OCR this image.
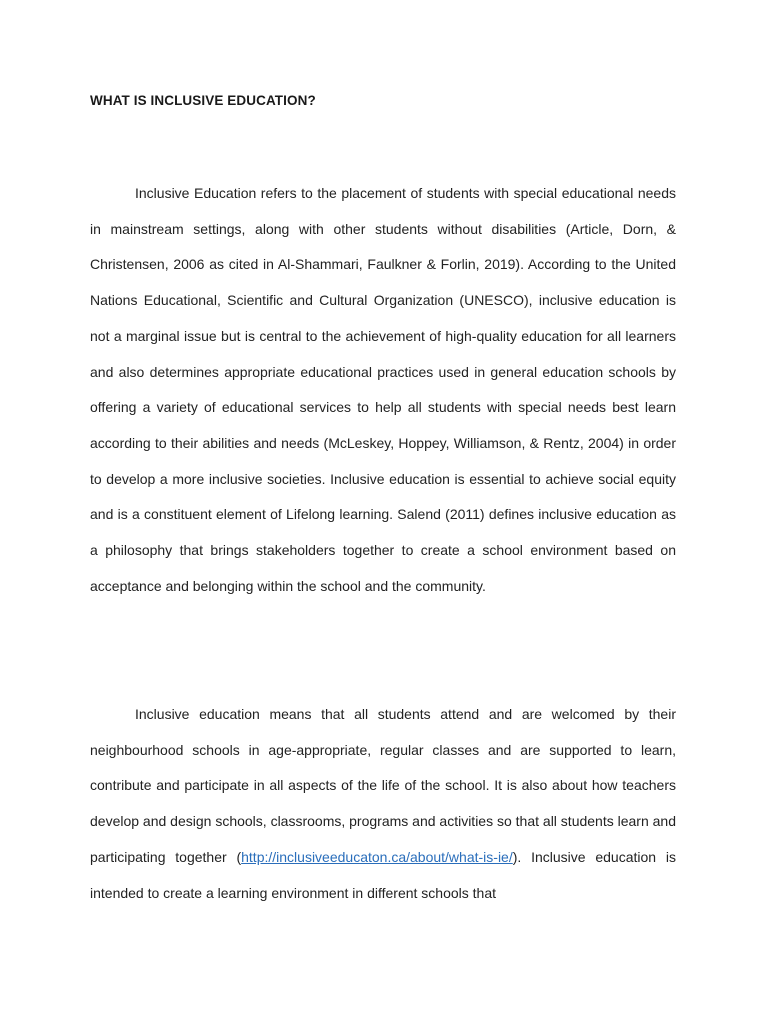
WHAT IS INCLUSIVE EDUCATION?

Inclusive Education refers to the placement of students with special educational needs in mainstream settings, along with other students without disabilities (Article, Dorn, & Christensen, 2006 as cited in Al-Shammari, Faulkner & Forlin, 2019). According to the United Nations Educational, Scientific and Cultural Organization (UNESCO), inclusive education is not a marginal issue but is central to the achievement of high-quality education for all learners and also determines appropriate educational practices used in general education schools by offering a variety of educational services to help all students with special needs best learn according to their abilities and needs (McLeskey, Hoppey, Williamson, & Rentz, 2004) in order to develop a more inclusive societies. Inclusive education is essential to achieve social equity and is a constituent element of Lifelong learning. Salend (2011) defines inclusive education as a philosophy that brings stakeholders together to create a school environment based on acceptance and belonging within the school and the community.

Inclusive education means that all students attend and are welcomed by their neighbourhood schools in age-appropriate, regular classes and are supported to learn, contribute and participate in all aspects of the life of the school. It is also about how teachers develop and design schools, classrooms, programs and activities so that all students learn and participating together (http://inclusiveeducaton.ca/about/what-is-ie/). Inclusive education is intended to create a learning environment in different schools that
